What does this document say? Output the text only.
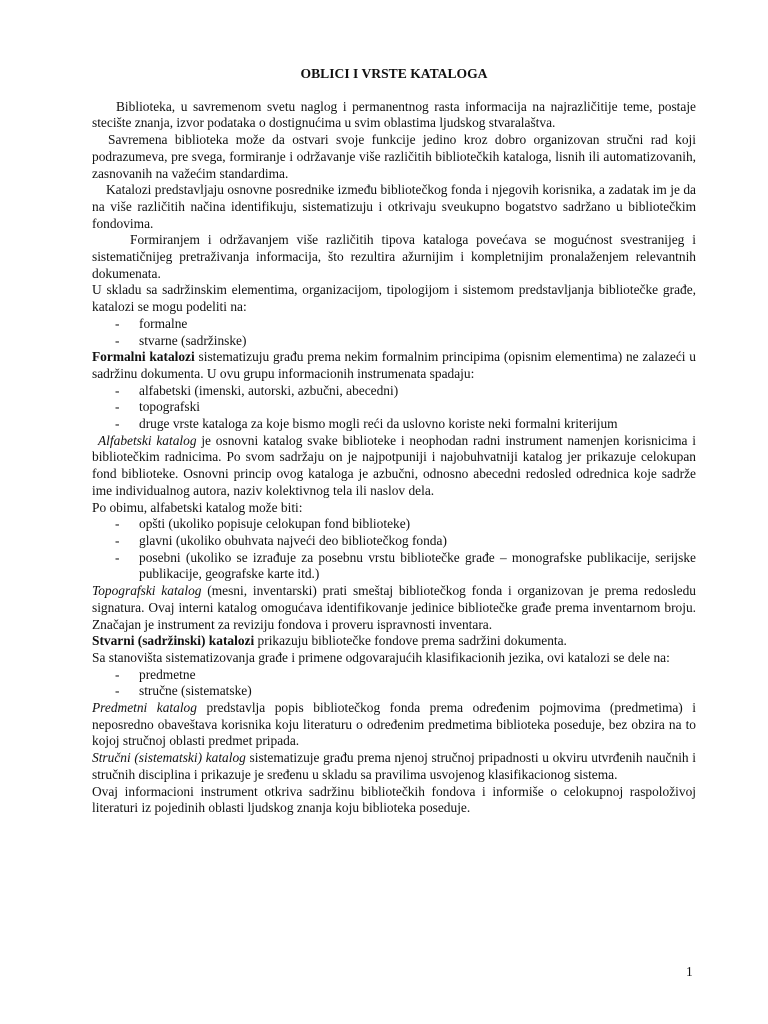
OBLICI I VRSTE KATALOGA

Biblioteka, u savremenom svetu naglog i permanentnog rasta informacija na najrazličitije teme, postaje stecište znanja, izvor podataka o dostignućima u svim oblastima ljudskog stvaralaštva.

Savremena biblioteka može da ostvari svoje funkcije jedino kroz dobro organizovan stručni rad koji podrazumeva, pre svega, formiranje i održavanje više različitih bibliotečkih kataloga, lisnih ili automatizovanih, zasnovanih na važećim standardima.

Katalozi predstavljaju osnovne posrednike između bibliotečkog fonda i njegovih korisnika, a zadatak im je da na više različitih načina identifikuju, sistematizuju i otkrivaju sveukupno bogatstvo sadržano u bibliotečkim fondovima.

Formiranjem i održavanjem više različitih tipova kataloga povećava se mogućnost svestranijeg i sistematičnijeg pretraživanja informacija, što rezultira ažurnijim i kompletnijim pronalaženjem relevantnih dokumenata.

U skladu sa sadržinskim elementima, organizacijom, tipologijom i sistemom predstavljanja bibliotečke građe, katalozi se mogu podeliti na:

- formalne
- stvarne (sadržinske)

Formalni katalozi sistematizuju građu prema nekim formalnim principima (opisnim elementima) ne zalazeći u sadržinu dokumenta. U ovu grupu informacionih instrumenata spadaju:

- alfabetski (imenski, autorski, azbučni, abecedni)
- topografski
- druge vrste kataloga za koje bismo mogli reći da uslovno koriste neki formalni kriterijum

Alfabetski katalog je osnovni katalog svake biblioteke i neophodan radni instrument namenjen korisnicima i bibliotečkim radnicima. Po svom sadržaju on je najpotpuniji i najobuhvatniji katalog jer prikazuje celokupan fond biblioteke. Osnovni princip ovog kataloga je azbučni, odnosno abecedni redosled odrednica koje sadrže ime individualnog autora, naziv kolektivnog tela ili naslov dela.

Po obimu, alfabetski katalog može biti:

- opšti (ukoliko popisuje celokupan fond biblioteke)
- glavni (ukoliko obuhvata najveći deo bibliotečkog fonda)
- posebni (ukoliko se izrađuje za posebnu vrstu bibliotečke građe – monografske publikacije, serijske publikacije, geografske karte itd.)

Topografski katalog (mesni, inventarski) prati smeštaj bibliotečkog fonda i organizovan je prema redosledu signatura. Ovaj interni katalog omogućava identifikovanje jedinice bibliotečke građe prema inventarnom broju. Značajan je instrument za reviziju fondova i proveru ispravnosti inventara.

Stvarni (sadržinski) katalozi prikazuju bibliotečke fondove prema sadržini dokumenta.

Sa stanovišta sistematizovanja građe i primene odgovarajućih klasifikacionih jezika, ovi katalozi se dele na:

- predmetne
- stručne (sistematske)

Predmetni katalog predstavlja popis bibliotečkog fonda prema određenim pojmovima (predmetima) i neposredno obaveštava korisnika koju literaturu o određenim predmetima biblioteka poseduje, bez obzira na to kojoj stručnoj oblasti predmet pripada.

Stručni (sistematski) katalog sistematizuje građu prema njenoj stručnoj pripadnosti u okviru utvrđenih naučnih i stručnih disciplina i prikazuje je sređenu u skladu sa pravilima usvojenog klasifikacionog sistema.

Ovaj informacioni instrument otkriva sadržinu bibliotečkih fondova i informiše o celokupnoj raspoloživoj literaturi iz pojedinih oblasti ljudskog znanja koju biblioteka poseduje.

1
